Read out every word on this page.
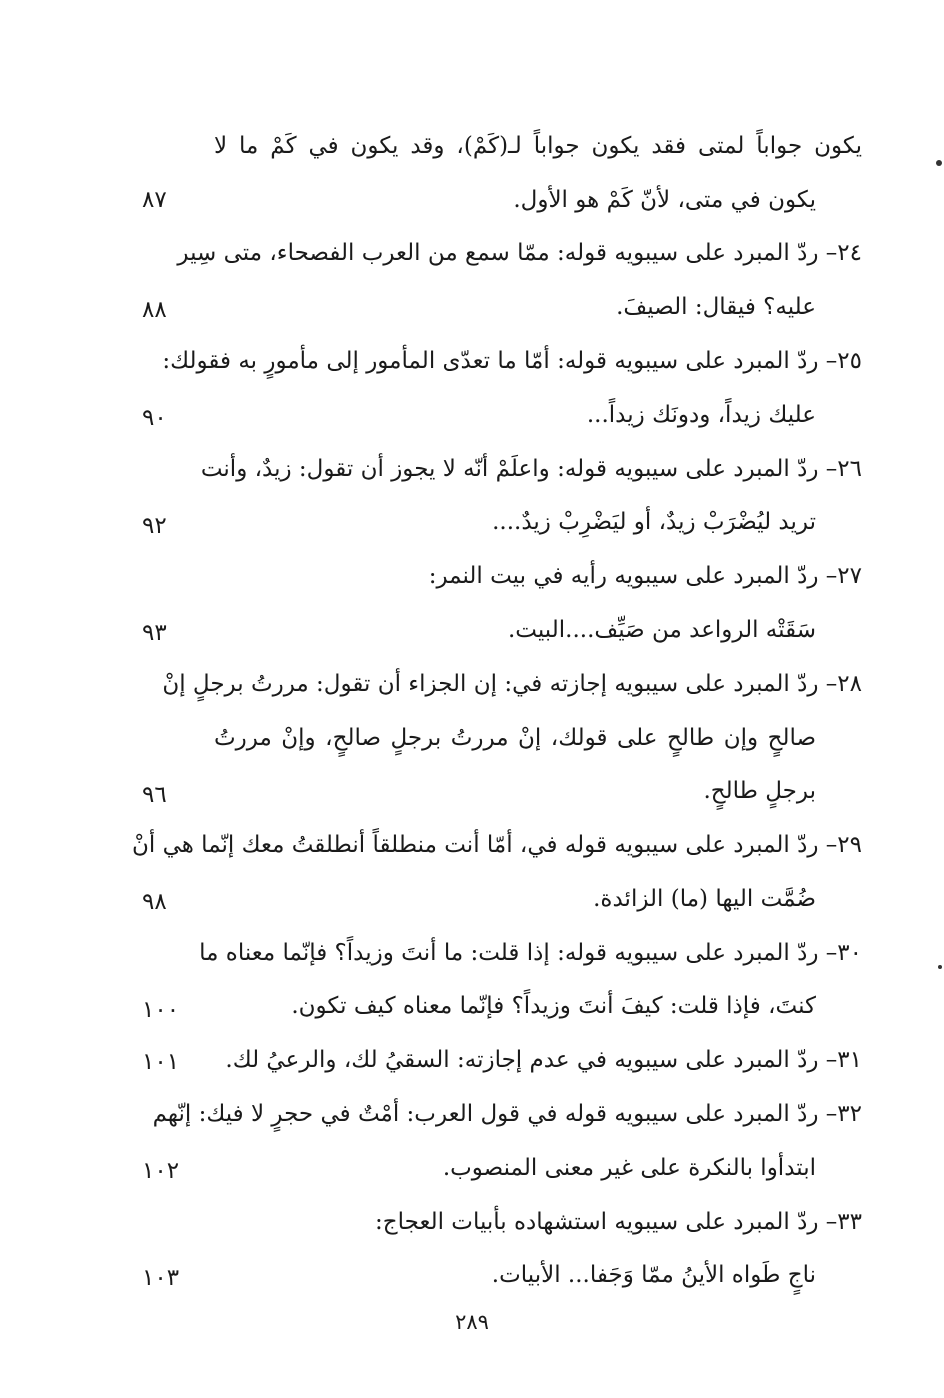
يكون جواباً لمتى فقد يكون جواباً لـ(كَمْ)، وقد يكون في كَمْ ما لا
يكون في متى، لأنّ كَمْ هو الأول.
٨٧
٢٤– ردّ المبرد على سيبويه قوله: ممّا سمع من العرب الفصحاء، متى سِير
عليه؟ فيقال: الصيفَ.
٨٨
٢٥– ردّ المبرد على سيبويه قوله: أمّا ما تعدّى المأمور إلى مأمورٍ به فقولك:
عليك زيداً، ودونَك زيداً...
٩٠
٢٦– ردّ المبرد على سيبويه قوله: واعلَمْ أنّه لا يجوز أن تقول: زيدٌ، وأنت
تريد ليُضْرَبْ زيدٌ، أو ليَضْرِبْ زيدٌ....
٩٢
٢٧– ردّ المبرد على سيبويه رأيه في بيت النمر:
سَقَتْه الرواعد من صَيِّف....البيت.
٩٣
٢٨– ردّ المبرد على سيبويه إجازته في: إن الجزاء أن تقول: مررتُ برجلٍ إنْ
صالحٍ وإن طالحٍ على قولك، إنْ مررتُ برجلٍ صالحٍ، وإنْ مررتُ
برجلٍ طالحٍ.
٩٦
٢٩– ردّ المبرد على سيبويه قوله في، أمّا أنت منطلقاً أنطلقتُ معك إنّما هي أنْ
ضُمَّت اليها (ما) الزائدة.
٩٨
٣٠– ردّ المبرد على سيبويه قوله: إذا قلت: ما أنتَ وزيداً؟ فإنّما معناه ما
كنتَ، فإذا قلت: كيفَ أنتَ وزيداً؟ فإنّما معناه كيف تكون.
١٠٠
٣١– ردّ المبرد على سيبويه في عدم إجازته: السقيُ لك، والرعيُ لك.
١٠١
٣٢– ردّ المبرد على سيبويه قوله في قول العرب: أمْتٌ في حجرٍ لا فيك: إنّهم
ابتدأوا بالنكرة على غير معنى المنصوب.
١٠٢
٣٣– ردّ المبرد على سيبويه استشهاده بأبيات العجاج:
ناجٍ طَواه الأينُ ممّا وَجَفا... الأبيات.
١٠٣
٢٨٩
